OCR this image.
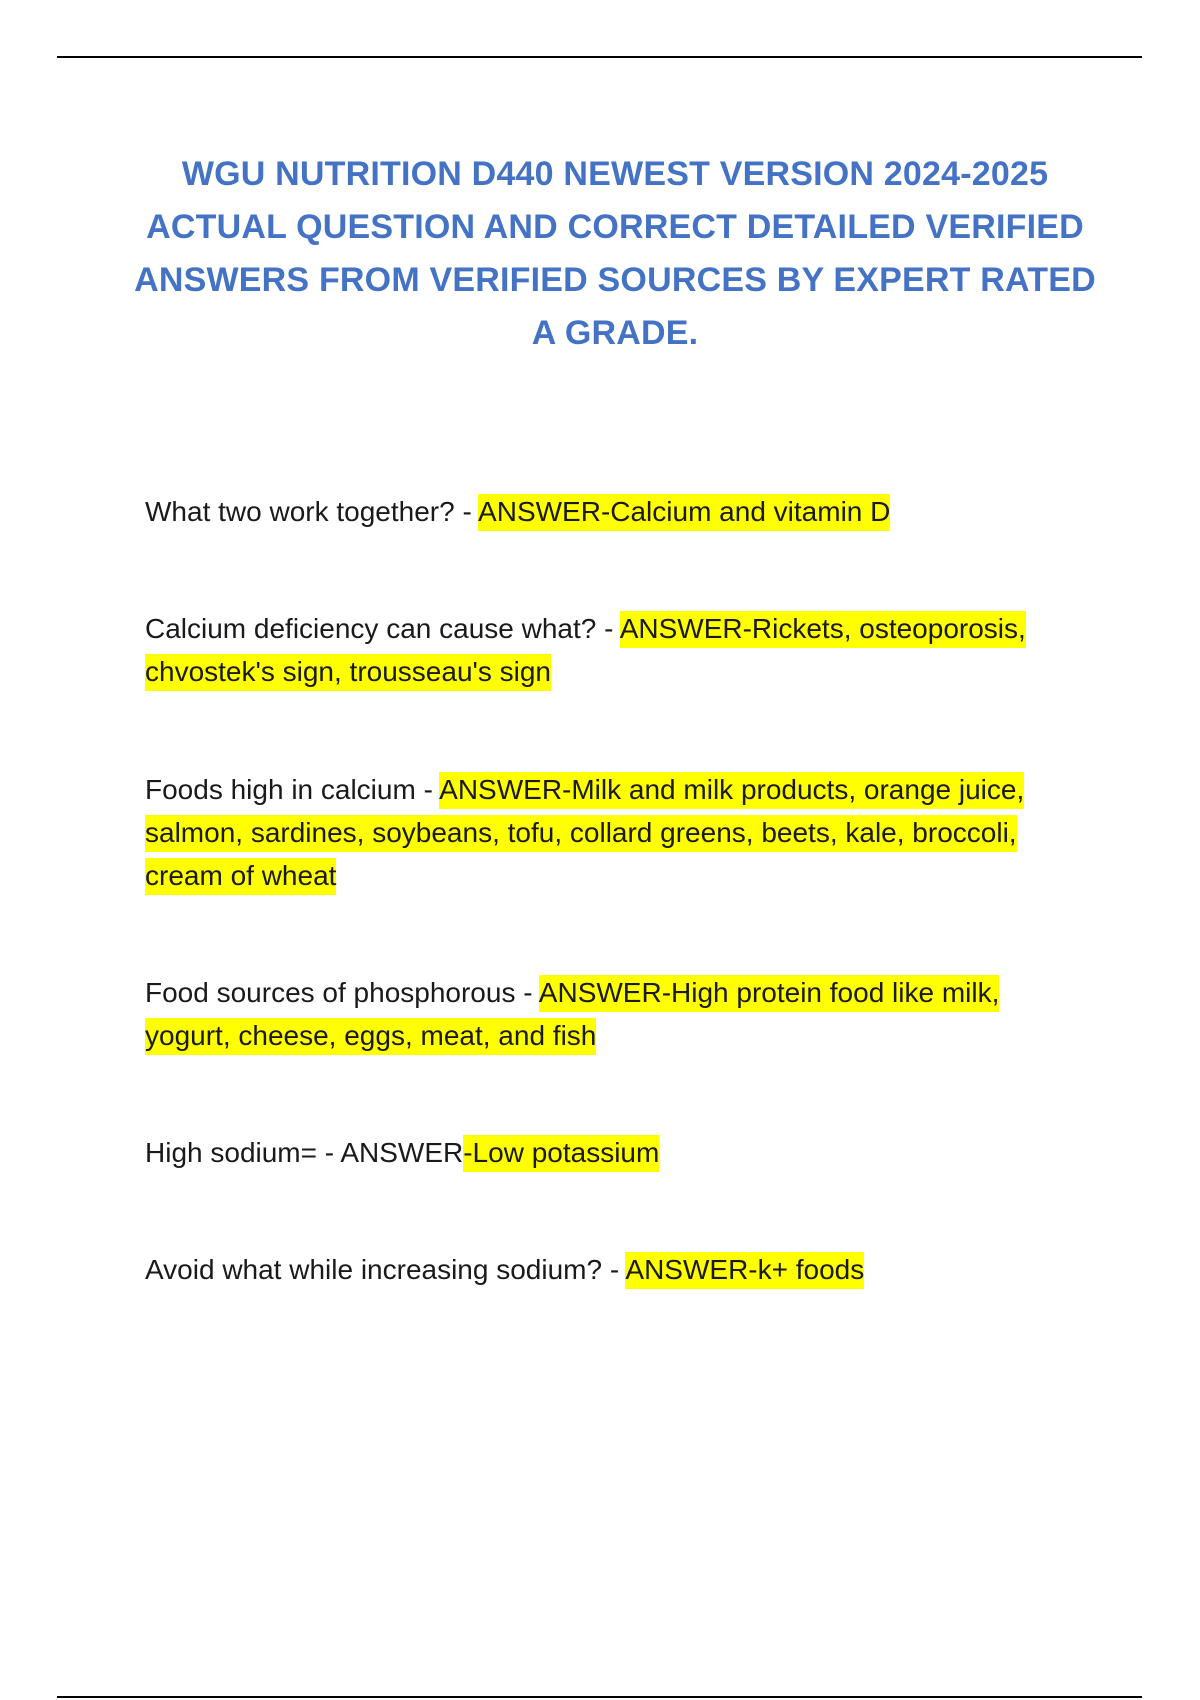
WGU NUTRITION D440 NEWEST VERSION 2024-2025 ACTUAL QUESTION AND CORRECT DETAILED VERIFIED ANSWERS FROM VERIFIED SOURCES BY EXPERT RATED A GRADE.

What two work together? - ANSWER-Calcium and vitamin D

Calcium deficiency can cause what? - ANSWER-Rickets, osteoporosis, chvostek's sign, trousseau's sign

Foods high in calcium - ANSWER-Milk and milk products, orange juice, salmon, sardines, soybeans, tofu, collard greens, beets, kale, broccoli, cream of wheat

Food sources of phosphorous - ANSWER-High protein food like milk, yogurt, cheese, eggs, meat, and fish

High sodium= - ANSWER-Low potassium

Avoid what while increasing sodium? - ANSWER-k+ foods
